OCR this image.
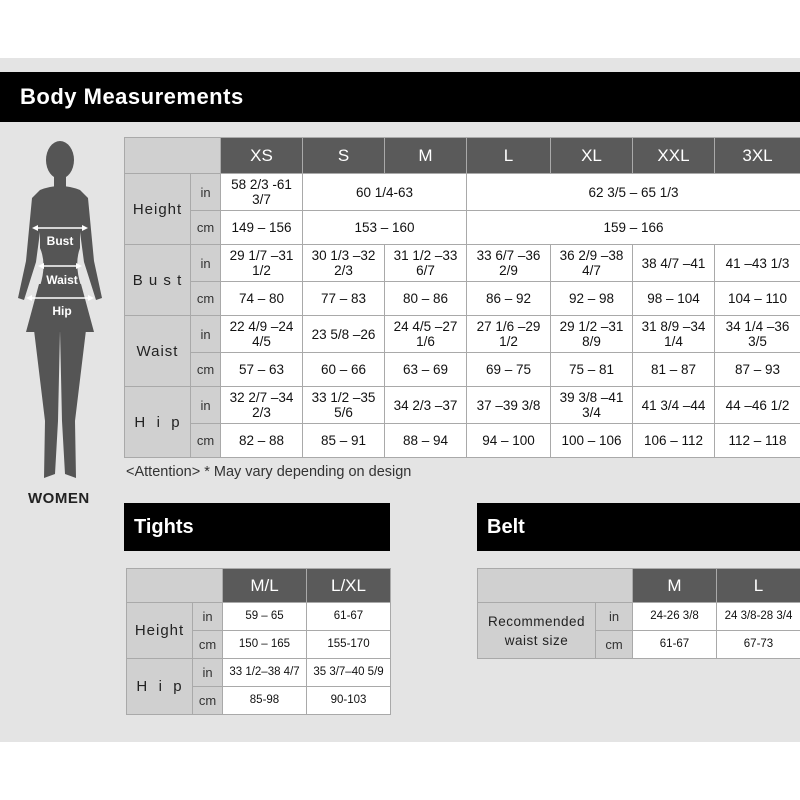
Body Measurements
Bust
Waist
Hip
WOMEN
		XS	S	M	L	XL	XXL	3XL
Height	in	58 2/3 -61 3/7	60 1/4-63		62 3/5 – 65 1/3			
	cm	149 – 156	153 – 160		159 – 166			
B u s t	in	29 1/7 –31 1/2	30 1/3 –32 2/3	31 1/2 –33 6/7	33 6/7 –36 2/9	36 2/9 –38 4/7	38 4/7 –41	41 –43 1/3
	cm	74 – 80	77 – 83	80 – 86	86 – 92	92 – 98	98 – 104	104 – 110
Waist	in	22 4/9 –24 4/5	23 5/8 –26	24 4/5 –27 1/6	27 1/6 –29 1/2	29 1/2 –31 8/9	31 8/9 –34 1/4	34 1/4 –36 3/5
	cm	57 – 63	60 – 66	63 – 69	69 – 75	75 – 81	81 – 87	87 – 93
H  i  p	in	32 2/7 –34 2/3	33 1/2 –35 5/6	34 2/3 –37	37 –39 3/8	39 3/8 –41 3/4	41 3/4 –44	44 –46 1/2
	cm	82 – 88	85 – 91	88 – 94	94 – 100	100 – 106	106 – 112	112 – 118
<Attention> * May vary depending on design
Tights
		M/L	L/XL
Height	in	59 – 65	61-67
	cm	150 – 165	155-170
H  i  p	in	33 1/2–38 4/7	35 3/7–40 5/9
	cm	85-98	90-103
Belt
		M	L

Recommended
waist size	in	24-26 3/8	24 3/8-28 3/4
	cm	61-67	67-73
